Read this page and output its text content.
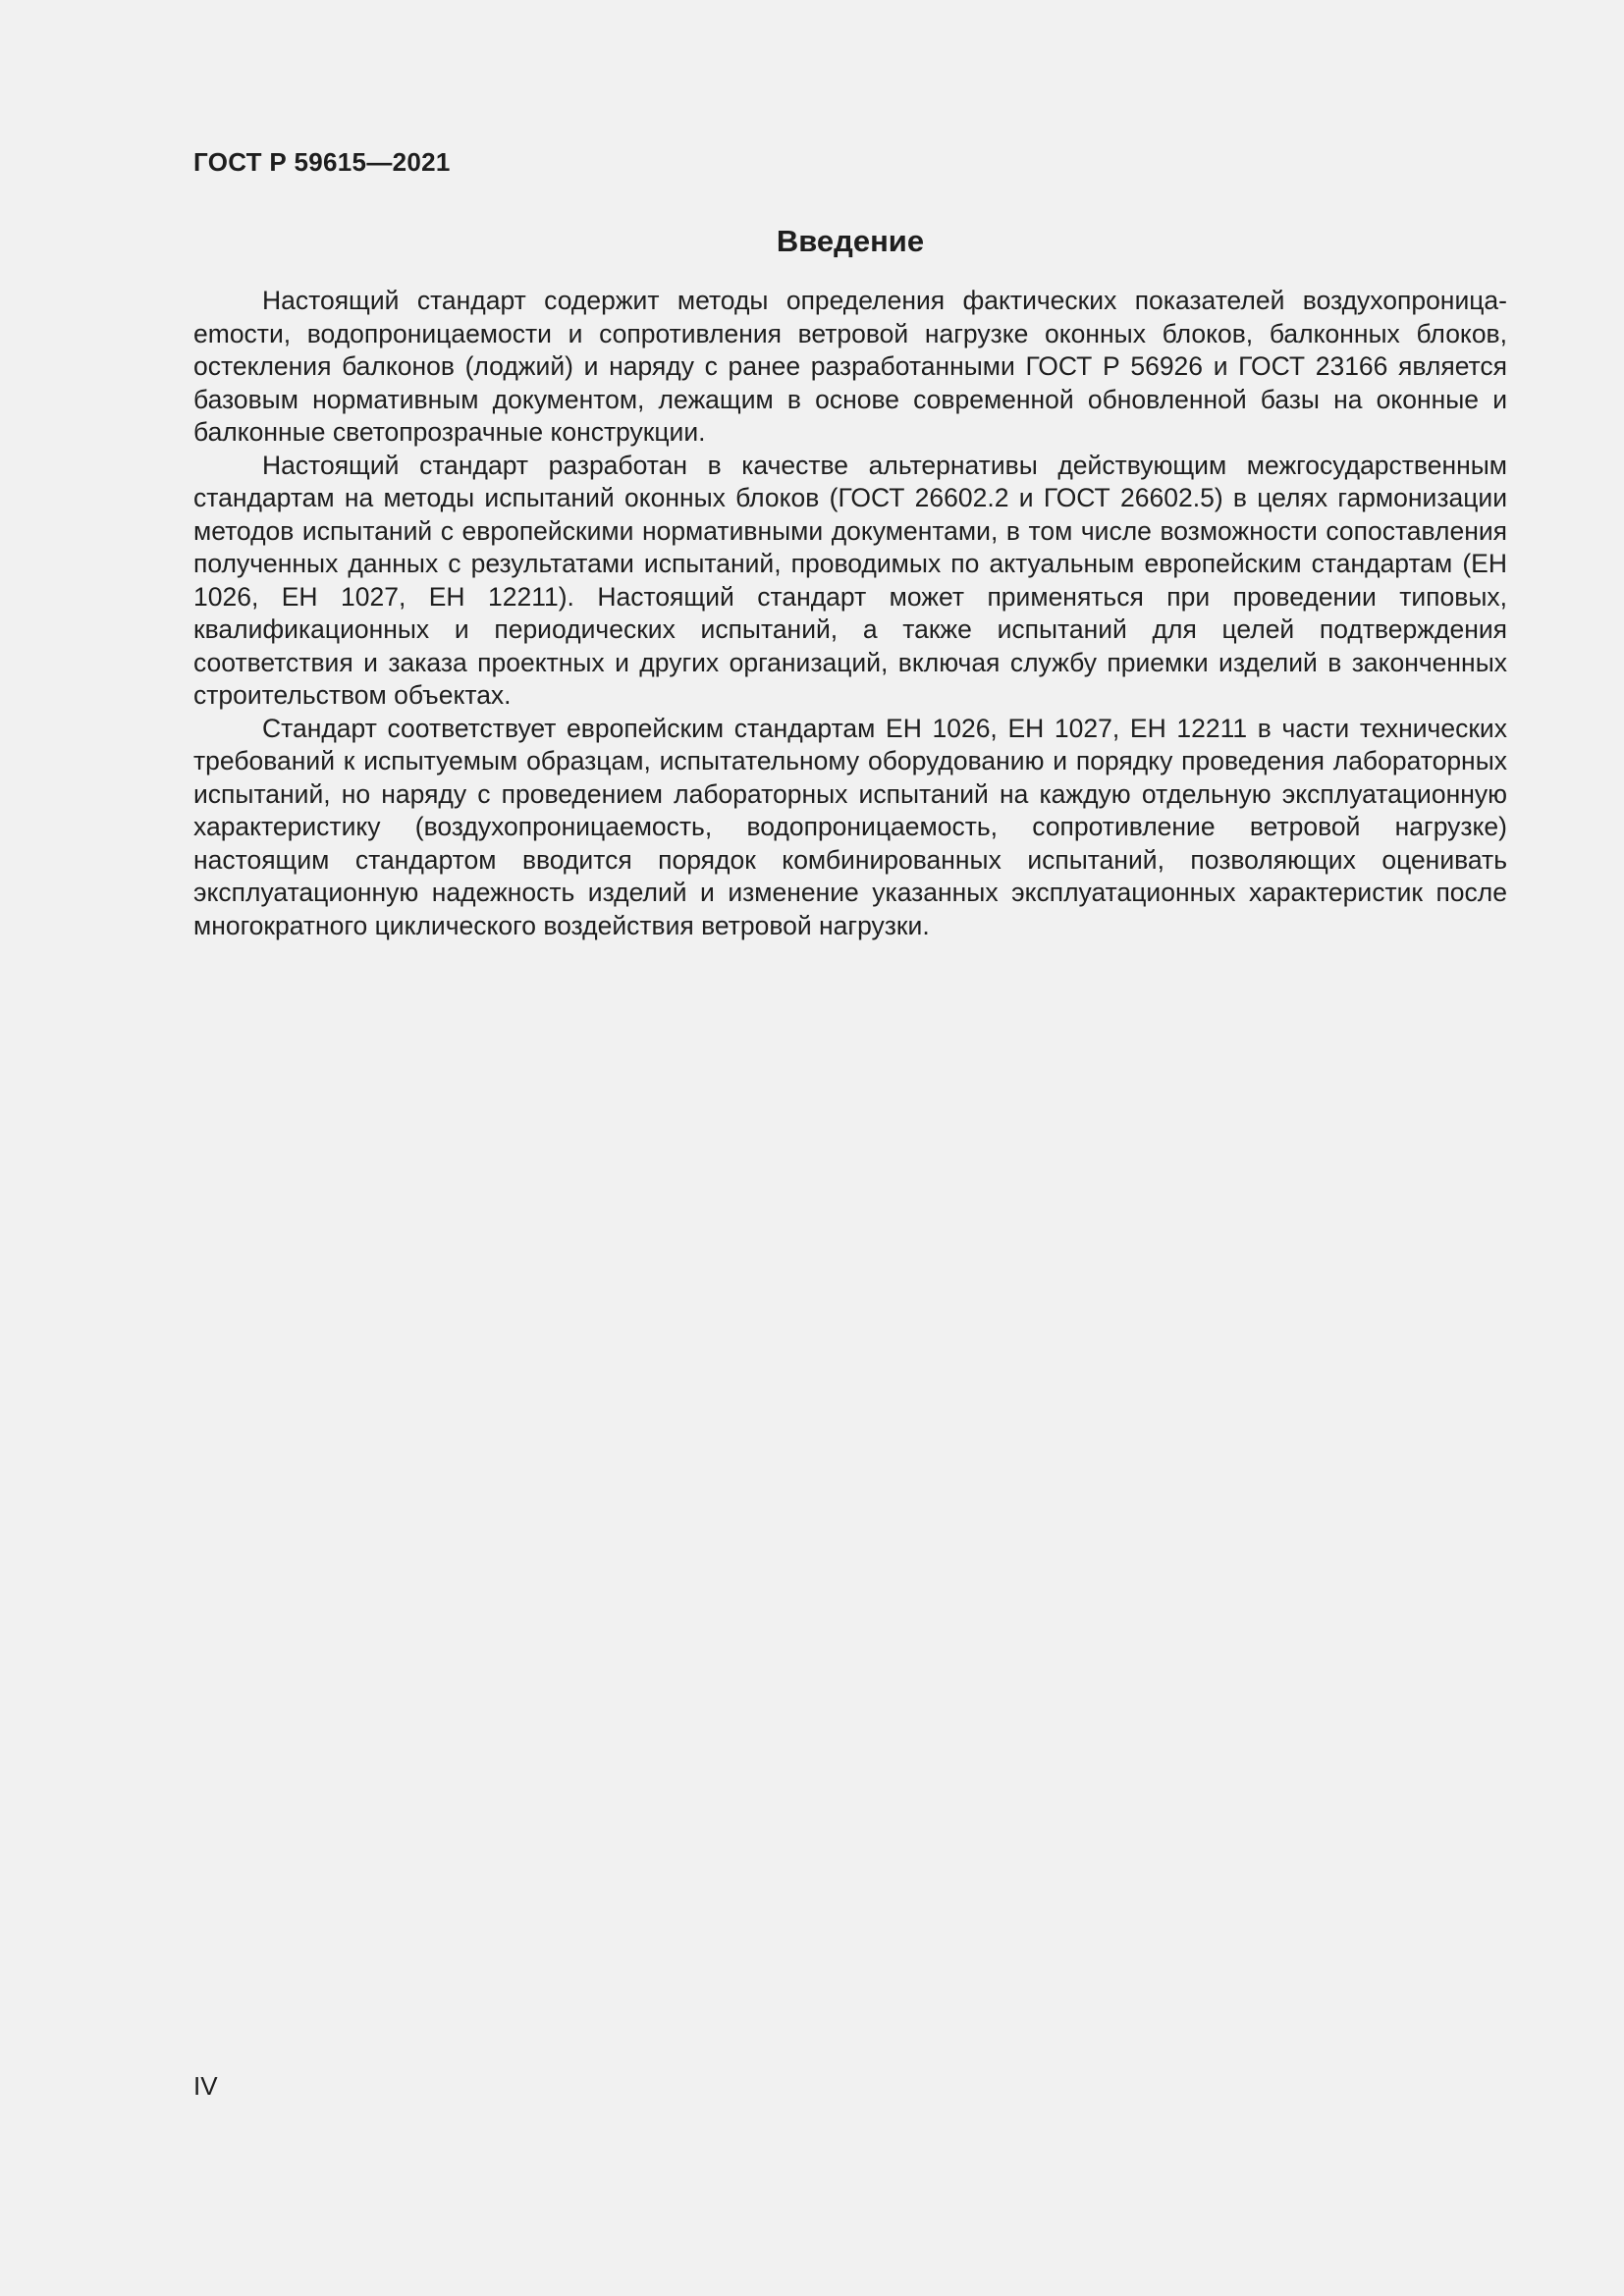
ГОСТ Р 59615—2021
Введение

Настоящий стандарт содержит методы определения фактических показателей воздухопроницаemости, водопроницаемости и сопротивления ветровой нагрузке оконных блоков, балконных блоков, остекления балконов (лоджий) и наряду с ранее разработанными ГОСТ Р 56926 и ГОСТ 23166 является базовым нормативным документом, лежащим в основе современной обновленной базы на оконные и балконные светопрозрачные конструкции.

Настоящий стандарт разработан в качестве альтернативы действующим межгосударственным стандартам на методы испытаний оконных блоков (ГОСТ 26602.2 и ГОСТ 26602.5) в целях гармонизации методов испытаний с европейскими нормативными документами, в том числе возможности сопоставления полученных данных с результатами испытаний, проводимых по актуальным европейским стандартам (ЕН 1026, ЕН 1027, ЕН 12211). Настоящий стандарт может применяться при проведении типовых, квалификационных и периодических испытаний, а также испытаний для целей подтверждения соответствия и заказа проектных и других организаций, включая службу приемки изделий в законченных строительством объектах.

Стандарт соответствует европейским стандартам ЕН 1026, ЕН 1027, ЕН 12211 в части технических требований к испытуемым образцам, испытательному оборудованию и порядку проведения лабораторных испытаний, но наряду с проведением лабораторных испытаний на каждую отдельную эксплуатационную характеристику (воздухопроницаемость, водопроницаемость, сопротивление ветровой нагрузке) настоящим стандартом вводится порядок комбинированных испытаний, позволяющих оценивать эксплуатационную надежность изделий и изменение указанных эксплуатационных характеристик после многократного циклического воздействия ветровой нагрузки.

IV
